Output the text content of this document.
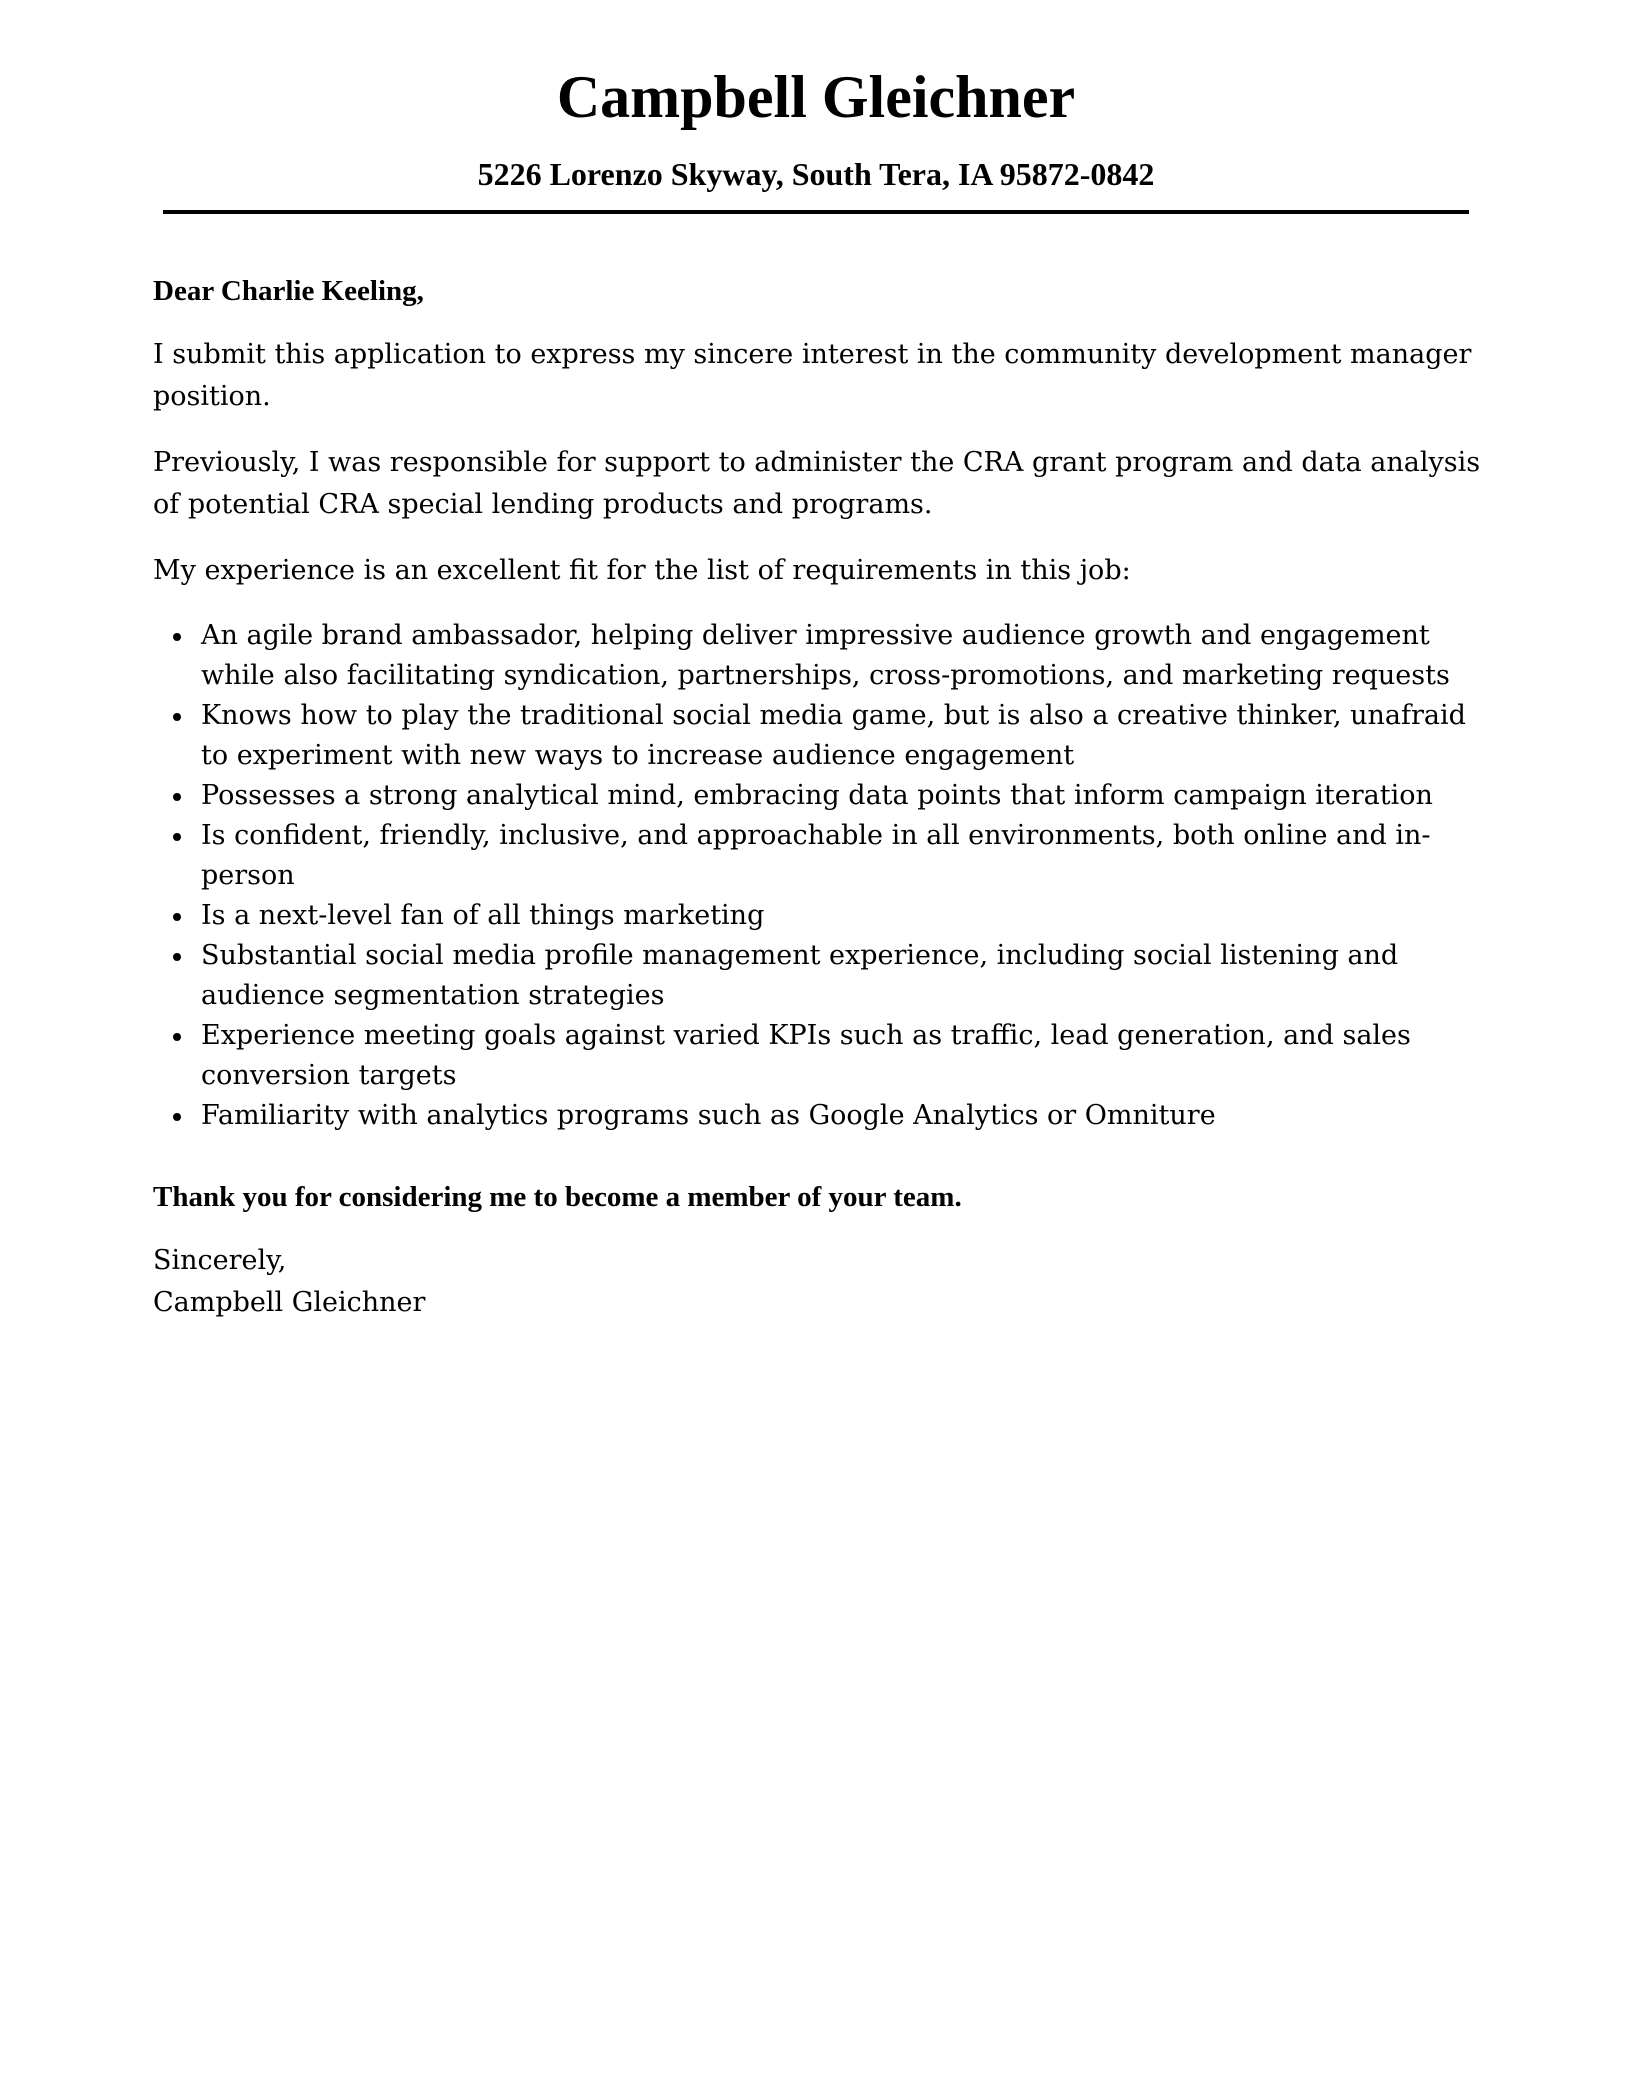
Campbell Gleichner
5226 Lorenzo Skyway, South Tera, IA 95872-0842

Dear Charlie Keeling,

I submit this application to express my sincere interest in the community development manager position.

Previously, I was responsible for support to administer the CRA grant program and data analysis of potential CRA special lending products and programs.

My experience is an excellent fit for the list of requirements in this job:

An agile brand ambassador, helping deliver impressive audience growth and engagement while also facilitating syndication, partnerships, cross-promotions, and marketing requests
Knows how to play the traditional social media game, but is also a creative thinker, unafraid to experiment with new ways to increase audience engagement
Possesses a strong analytical mind, embracing data points that inform campaign iteration
Is confident, friendly, inclusive, and approachable in all environments, both online and in-person
Is a next-level fan of all things marketing
Substantial social media profile management experience, including social listening and audience segmentation strategies
Experience meeting goals against varied KPIs such as traffic, lead generation, and sales conversion targets
Familiarity with analytics programs such as Google Analytics or Omniture

Thank you for considering me to become a member of your team.

Sincerely,

Campbell Gleichner
